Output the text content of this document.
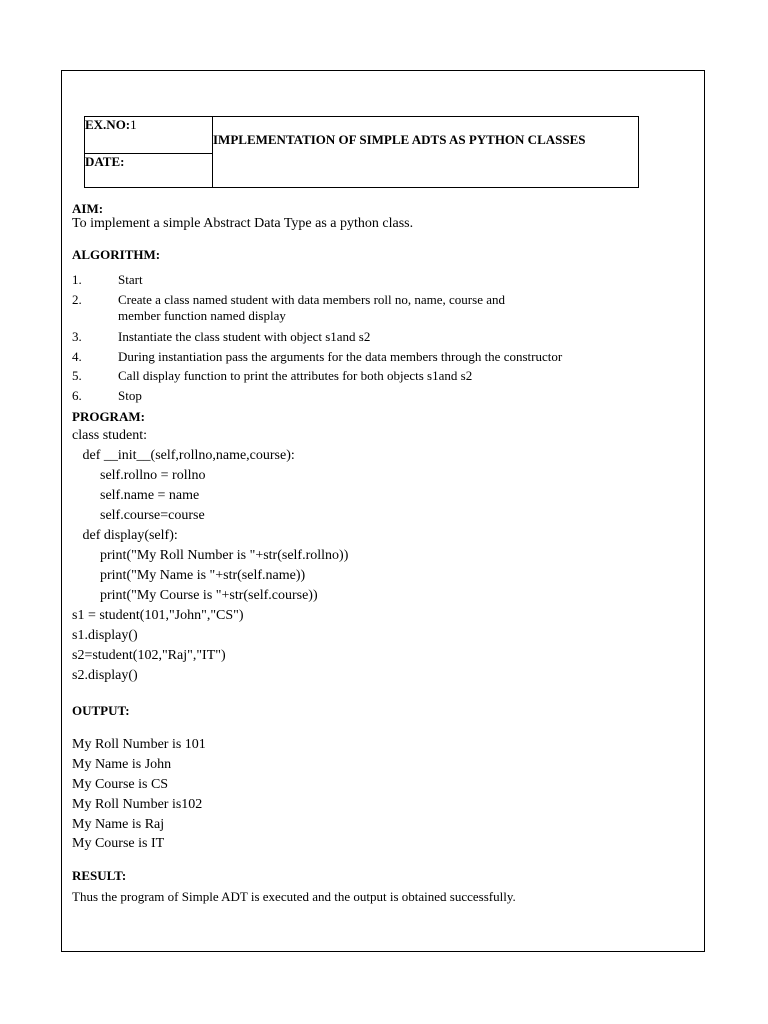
EX.NO:1
DATE:
IMPLEMENTATION OF SIMPLE ADTS AS PYTHON CLASSES
AIM:
To implement a simple Abstract Data Type as a python class.
ALGORITHM:
1.	Start
2.	Create a class named student with data members roll no, name, course and member function named display
3.	Instantiate the class student with object s1and s2
4.	During instantiation pass the arguments for the data members through the constructor
5.	Call display function to print the attributes for both objects s1and s2
6.	Stop
PROGRAM:
class student:
def __init__(self,rollno,name,course):
self.rollno = rollno
self.name = name
self.course=course
def display(self):
print("My Roll Number is "+str(self.rollno))
print("My Name is "+str(self.name))
print("My Course is "+str(self.course))
s1 = student(101,"John","CS")
s1.display()
s2=student(102,"Raj","IT")
s2.display()
OUTPUT:
My Roll Number is 101
My Name is John
My Course is CS
My Roll Number is102
My Name is Raj
My Course is IT
RESULT:
Thus the program of Simple ADT is executed and the output is obtained successfully.
